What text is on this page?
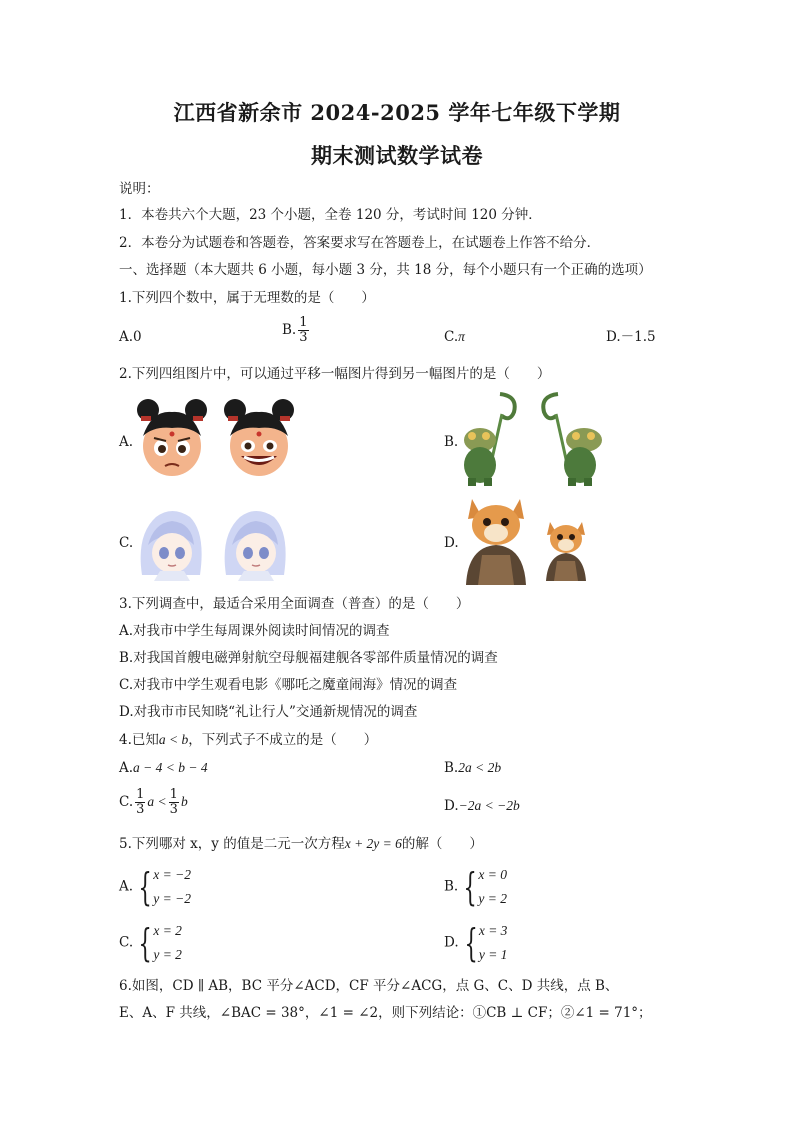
江西省新余市 2024-2025 学年七年级下学期
期末测试数学试卷
说明：
1．本卷共六个大题，23 个小题，全卷 120 分，考试时间 120 分钟．
2．本卷分为试题卷和答题卷，答案要求写在答题卷上，在试题卷上作答不给分．
一、选择题（本大题共 6 小题，每小题 3 分，共 18 分，每个小题只有一个正确的选项）
1.下列四个数中，属于无理数的是（　　）
A.0	B. $\frac{1}{3}$	C.π	D.－1.5
2.下列四组图片中，可以通过平移一幅图片得到另一幅图片的是（　　）
A.	B.
C.	D.
3.下列调查中，最适合采用全面调查（普查）的是（　　）
A.对我市中学生每周课外阅读时间情况的调查
B.对我国首艘电磁弹射航空母舰福建舰各零部件质量情况的调查
C.对我市中学生观看电影《哪吒之魔童闹海》情况的调查
D.对我市市民知晓“礼让行人”交通新规情况的调查
4.已知a < b，下列式子不成立的是（　　）
A.a − 4 < b − 4	B.2a < 2b
C. $\frac{1}{3}$ $a < \frac{1}{3}$ b	D.−2a < −2b
5.下列哪对 x，y 的值是二元一次方程x + 2y = 6的解（　　）
A. { x = −2
y = −2
B. { x = 0
y = 2
C. { x = 2
y = 2
D. { x = 3
y = 1
6.如图，CD ∥ AB，BC 平分∠ACD，CF 平分∠ACG，点 G、C、D 共线，点 B、
E、A、F 共线，∠BAC = 38°，∠1 = ∠2，则下列结论：①CB ⊥ CF；②∠1 = 71°；
